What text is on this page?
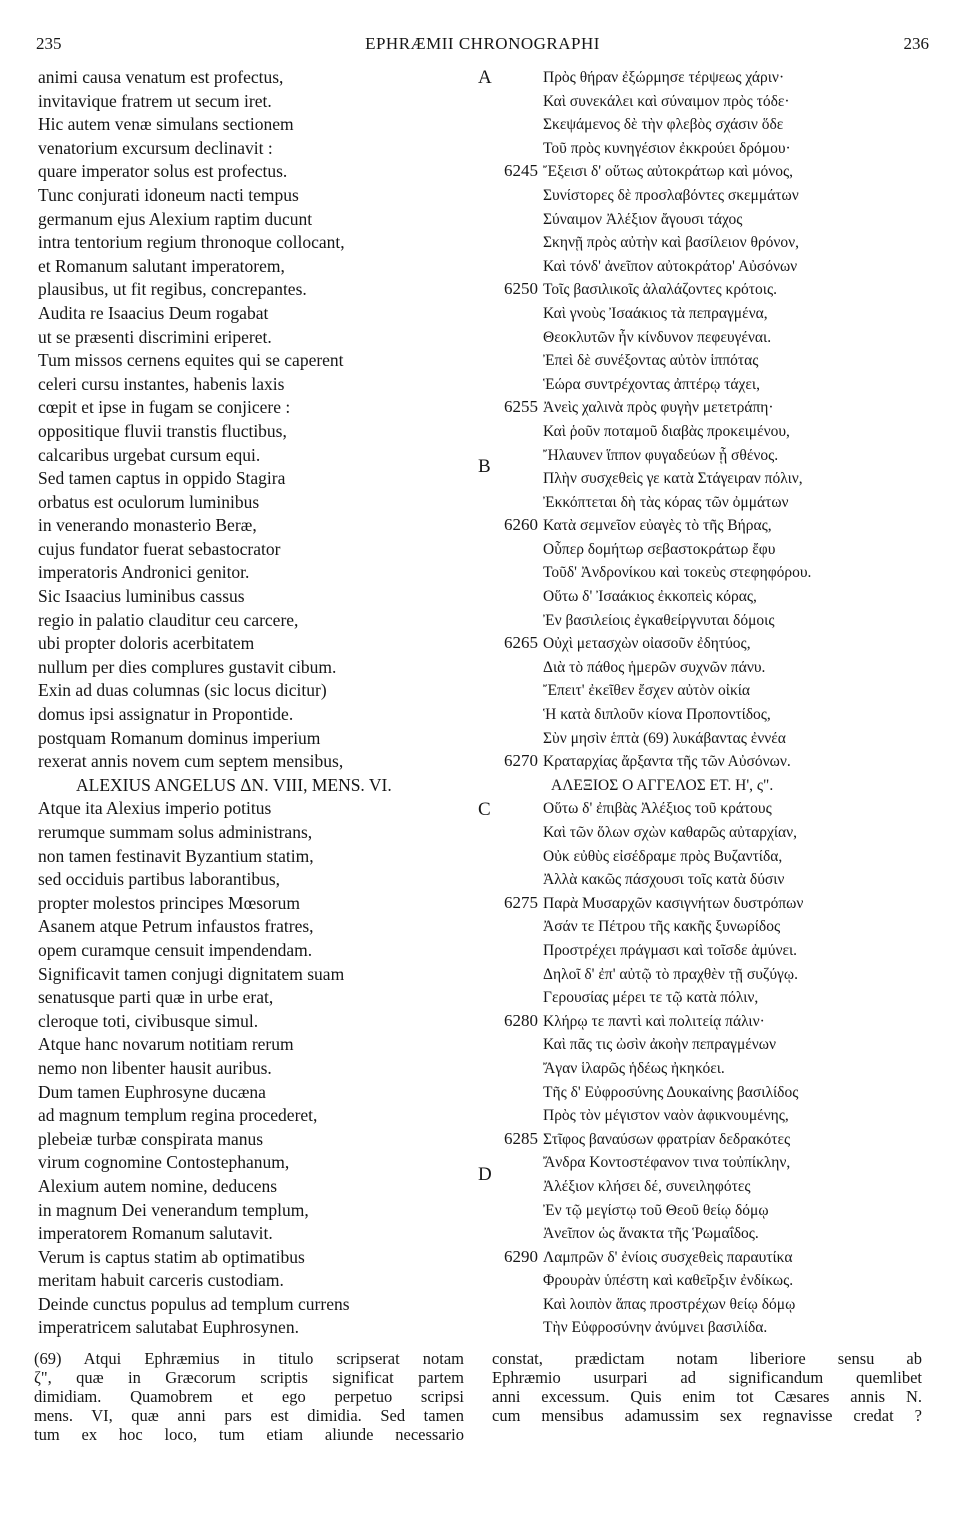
235	EPHRÆMII CHRONOGRAPHI	236
animi causa venatum est profectus,
invitavique fratrem ut secum iret.
Hic autem venæ simulans sectionem
venatorium excursum declinavit :
quare imperator solus est profectus.
Tunc conjurati idoneum nacti tempus
germanum ejus Alexium raptim ducunt
intra tentorium regium thronoque collocant,
et Romanum salutant imperatorem,
plausibus, ut fit regibus, concrepantes.
Audita re Isaacius Deum rogabat
ut se præsenti discrimini eriperet.
Tum missos cernens equites qui se caperent
celeri cursu instantes, habenis laxis
cœpit et ipse in fugam se conjicere :
oppositique fluvii transtis fluctibus,
calcaribus urgebat cursum equi.
Sed tamen captus in oppido Stagira
orbatus est oculorum luminibus
in venerando monasterio Beræ,
cujus fundator fuerat sebastocrator
imperatoris Andronici genitor.
Sic Isaacius luminibus cassus
regio in palatio clauditur ceu carcere,
ubi propter doloris acerbitatem
nullum per dies complures gustavit cibum.
Exin ad duas columnas (sic locus dicitur)
domus ipsi assignatur in Propontide.
postquam Romanum dominus imperium
rexerat annis novem cum septem mensibus,
ALEXIUS ANGELUS ΔΝ. VIII, MENS. VI.
Atque ita Alexius imperio potitus
rerumque summam solus administrans,
non tamen festinavit Byzantium statim,
sed occiduis partibus laborantibus,
propter molestos principes Mœsorum
Asanem atque Petrum infaustos fratres,
opem curamque censuit impendendam.
Significavit tamen conjugi dignitatem suam
senatusque parti quæ in urbe erat,
cleroque toti, civibusque simul.
Atque hanc novarum notitiam rerum
nemo non libenter hausit auribus.
Dum tamen Euphrosyne ducæna
ad magnum templum regina procederet,
plebeiæ turbæ conspirata manus
virum cognomine Contostephanum,
Alexium autem nomine, deducens
in magnum Dei venerandum templum,
imperatorem Romanum salutavit.
Verum is captus statim ab optimatibus
meritam habuit carceris custodiam.
Deinde cunctus populus ad templum currens
imperatricem salutabat Euphrosynen.
A
B
C
D
6245
6250
6255
6260
6265
6270
6275
6280
6285
6290
Πρὸς θήραν ἐξώρμησε τέρψεως χάριν·
Καὶ συνεκάλει καὶ σύναιμον πρὸς τόδε·
Σκεψάμενος δὲ τὴν φλεβὸς σχάσιν ὅδε
Τοῦ πρὸς κυνηγέσιον ἐκκρούει δρόμου·
Ἔξεισι δ' οὕτως αὐτοκράτωρ καὶ μόνος,
Συνίστορες δὲ προσλαβόντες σκεμμάτων
Σύναιμον Ἀλέξιον ἄγουσι τάχος
Σκηνῇ πρὸς αὐτὴν καὶ βασίλειον θρόνον,
Καὶ τόνδ' ἀνεῖπον αὐτοκράτορ' Αὐσόνων
Τοῖς βασιλικοῖς ἀλαλάζοντες κρότοις.
Καὶ γνοὺς Ἰσαάκιος τὰ πεπραγμένα,
Θεοκλυτῶν ἦν κίνδυνον πεφευγέναι.
Ἐπεὶ δὲ συνέξοντας αὐτὸν ἱππότας
Ἑώρα συντρέχοντας ἀπτέρῳ τάχει,
Ἀνεὶς χαλινὰ πρὸς φυγὴν μετετράπη·
Καὶ ῥοῦν ποταμοῦ διαβὰς προκειμένου,
Ἤλαυνεν ἵππον φυγαδεύων ᾗ σθένος.
Πλὴν συσχεθεὶς γε κατὰ Στάγειραν πόλιν,
Ἐκκόπτεται δὴ τὰς κόρας τῶν ὀμμάτων
Κατὰ σεμνεῖον εὐαγὲς τὸ τῆς Βήρας,
Οὗπερ δομήτωρ σεβαστοκράτωρ ἔφυ
Τοῦδ' Ἀνδρονίκου καὶ τοκεὺς στεφηφόρου.
Οὕτω δ' Ἰσαάκιος ἐκκοπεὶς κόρας,
Ἐν βασιλείοις ἐγκαθείργνυται δόμοις
Οὐχὶ μετασχὼν οἰασοῦν ἐδητύος,
Διὰ τὸ πάθος ἡμερῶν συχνῶν πάνυ.
Ἔπειτ' ἐκεῖθεν ἔσχεν αὐτὸν οἰκία
Ἡ κατὰ διπλοῦν κίονα Προποντίδος,
Σὺν μησὶν ἑπτὰ (69) λυκάβαντας ἐννέα
Κραταρχίας ἄρξαντα τῆς τῶν Αὐσόνων.
ΑΛΕΞΙΟΣ Ο ΑΓΓΕΛΟΣ ΕΤ. Η', ς".
Οὕτω δ' ἐπιβὰς Ἀλέξιος τοῦ κράτους
Καὶ τῶν ὅλων σχὼν καθαρῶς αὐταρχίαν,
Οὐκ εὐθὺς εἰσέδραμε πρὸς Βυζαντίδα,
Ἀλλὰ κακῶς πάσχουσι τοῖς κατὰ δύσιν
Παρὰ Μυσαρχῶν κασιγνήτων δυστρόπων
Ἀσάν τε Πέτρου τῆς κακῆς ξυνωρίδος
Προστρέχει πράγμασι καὶ τοῖσδε ἀμύνει.
Δηλοῖ δ' ἐπ' αὐτῷ τὸ πραχθὲν τῇ συζύγῳ.
Γερουσίας μέρει τε τῷ κατὰ πόλιν,
Κλήρῳ τε παντὶ καὶ πολιτείᾳ πάλιν·
Καὶ πᾶς τις ὠσὶν ἀκοὴν πεπραγμένων
Ἄγαν ἱλαρῶς ἡδέως ἠκηκόει.
Τῆς δ' Εὐφροσύνης Δουκαίνης βασιλίδος
Πρὸς τὸν μέγιστον ναὸν ἀφικνουμένης,
Στῖφος βαναύσων φρατρίαν δεδρακότες
Ἄνδρα Κοντοστέφανον τινα τοὐπίκλην,
Ἀλέξιον κλήσει δέ, συνειληφότες
Ἐν τῷ μεγίστῳ τοῦ Θεοῦ θείῳ δόμῳ
Ἀνεῖπον ὡς ἄνακτα τῆς Ῥωμαΐδος.
Λαμπρῶν δ' ἐνίοις συσχεθεὶς παραυτίκα
Φρουρὰν ὑπέστη καὶ καθεῖρξιν ἐνδίκως.
Καὶ λοιπὸν ἅπας προστρέχων θείῳ δόμῳ
Τὴν Εὐφροσύνην ἀνύμνει βασιλίδα.
(69) Atqui Ephræmius in titulo scripserat notam
ζ", quæ in Græcorum scriptis significat partem
dimidiam. Quamobrem et ego perpetuo scripsi
mens. VI, quæ anni pars est dimidia. Sed tamen
tum ex hoc loco, tum etiam aliunde necessario
constat, prædictam notam liberiore sensu ab
Ephræmio usurpari ad significandum quemlibet
anni excessum. Quis enim tot Cæsares annis N.
cum mensibus adamussim sex regnavisse credat ?
